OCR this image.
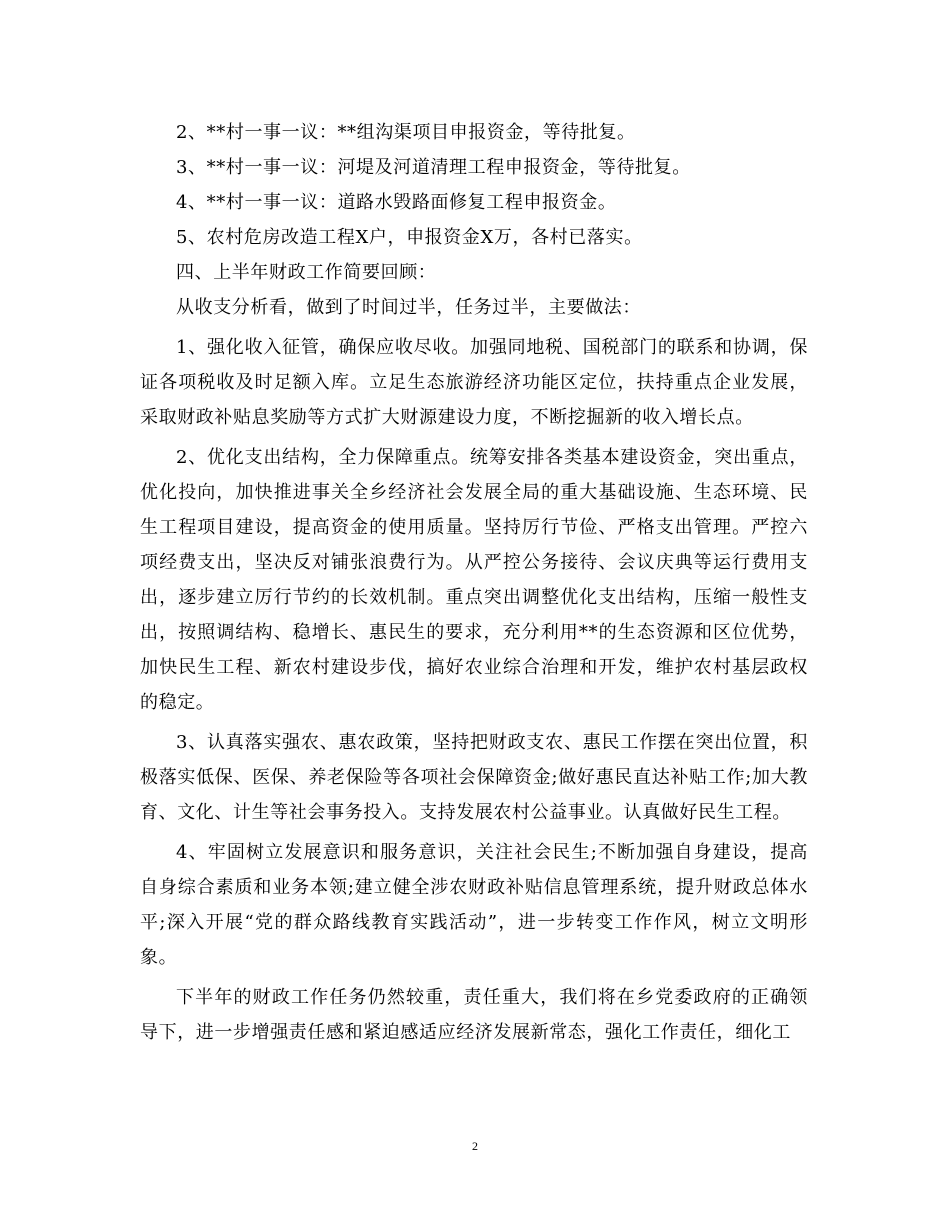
2、**村一事一议：**组沟渠项目申报资金，等待批复。

3、**村一事一议：河堤及河道清理工程申报资金，等待批复。

4、**村一事一议：道路水毁路面修复工程申报资金。

5、农村危房改造工程X户，申报资金X万，各村已落实。

四、上半年财政工作简要回顾：

从收支分析看，做到了时间过半，任务过半，主要做法：

1、强化收入征管，确保应收尽收。加强同地税、国税部门的联系和协调，保证各项税收及时足额入库。立足生态旅游经济功能区定位，扶持重点企业发展，采取财政补贴息奖励等方式扩大财源建设力度，不断挖掘新的收入增长点。

2、优化支出结构，全力保障重点。统筹安排各类基本建设资金，突出重点，优化投向，加快推进事关全乡经济社会发展全局的重大基础设施、生态环境、民生工程项目建设，提高资金的使用质量。坚持厉行节俭、严格支出管理。严控六项经费支出，坚决反对铺张浪费行为。从严控公务接待、会议庆典等运行费用支出，逐步建立厉行节约的长效机制。重点突出调整优化支出结构，压缩一般性支出，按照调结构、稳增长、惠民生的要求，充分利用**的生态资源和区位优势，加快民生工程、新农村建设步伐，搞好农业综合治理和开发，维护农村基层政权的稳定。

3、认真落实强农、惠农政策，坚持把财政支农、惠民工作摆在突出位置，积极落实低保、医保、养老保险等各项社会保障资金;做好惠民直达补贴工作;加大教育、文化、计生等社会事务投入。支持发展农村公益事业。认真做好民生工程。

4、牢固树立发展意识和服务意识，关注社会民生;不断加强自身建设，提高自身综合素质和业务本领;建立健全涉农财政补贴信息管理系统，提升财政总体水平;深入开展“党的群众路线教育实践活动”，进一步转变工作作风，树立文明形象。

下半年的财政工作任务仍然较重，责任重大，我们将在乡党委政府的正确领导下，进一步增强责任感和紧迫感适应经济发展新常态，强化工作责任，细化工

2
